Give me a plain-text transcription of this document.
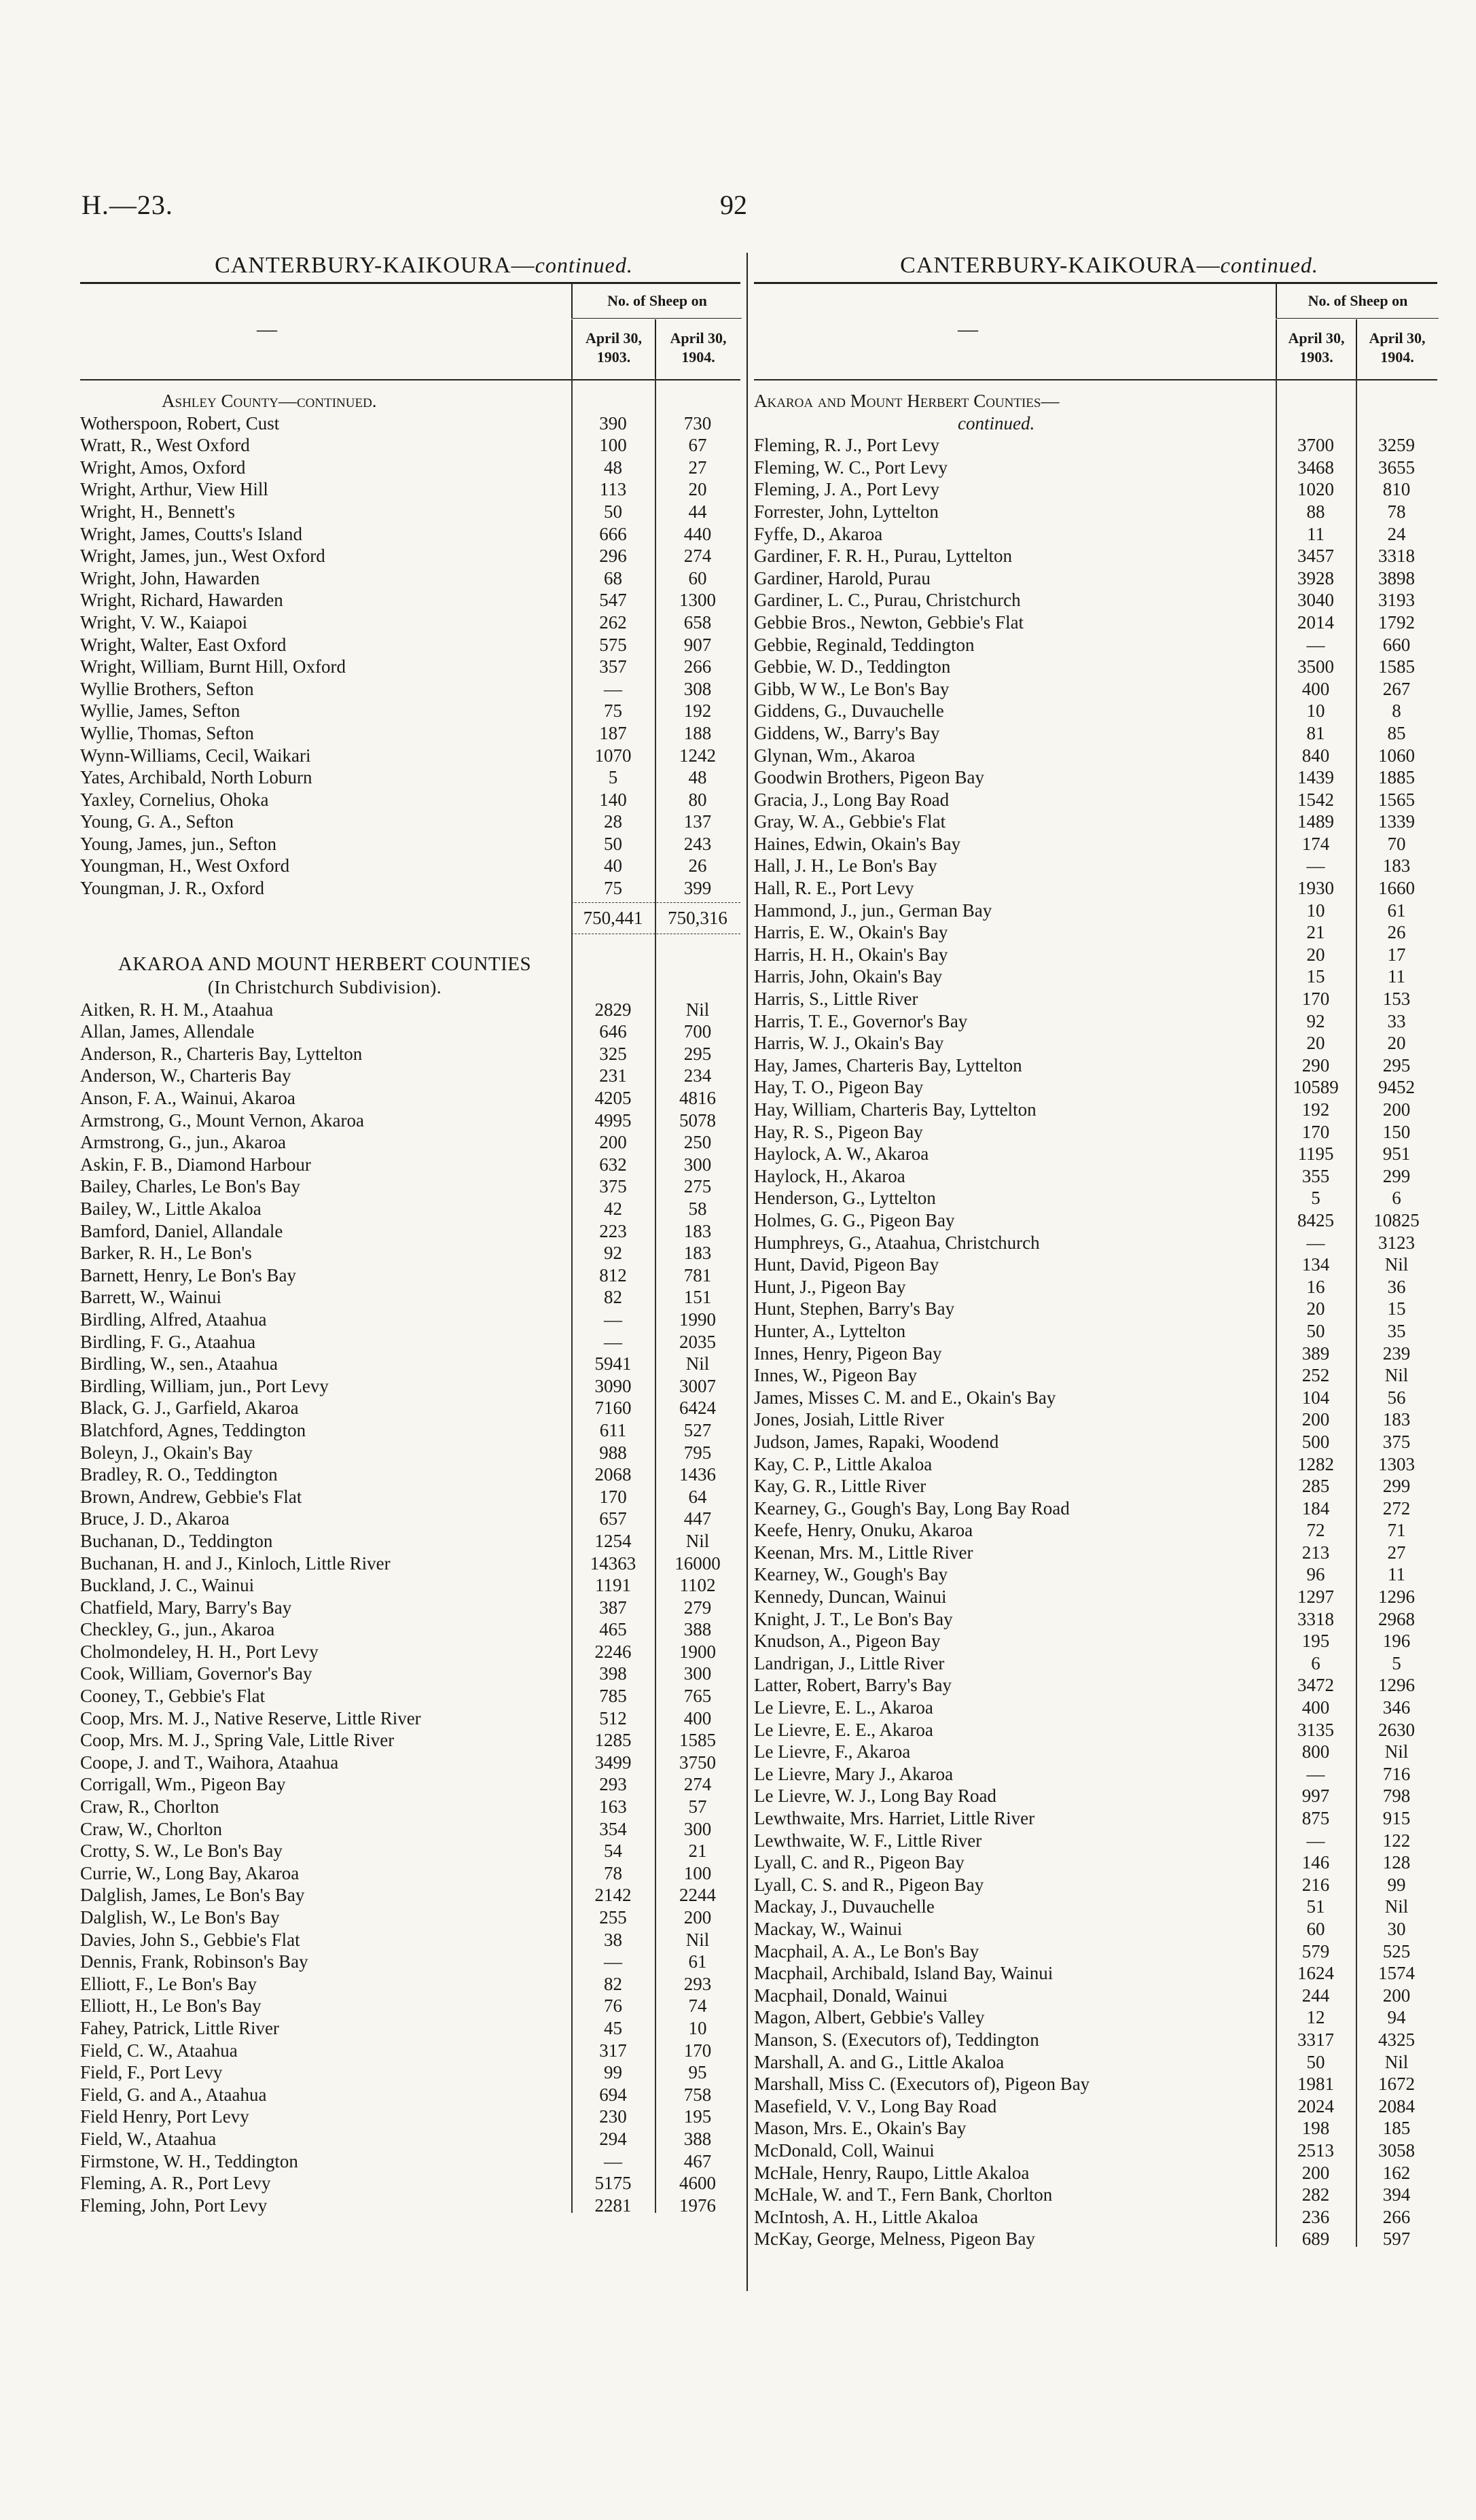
H.—23.	92
CANTERBURY-KAIKOURA—continued.
—
No. of Sheep on
April 30, 1903.
April 30, 1904.
Ashley County—continued.
Wotherspoon, Robert, Cust	390	730
Wratt, R., West Oxford	100	67
Wright, Amos, Oxford	48	27
Wright, Arthur, View Hill	113	20
Wright, H., Bennett's	50	44
Wright, James, Coutts's Island	666	440
Wright, James, jun., West Oxford	296	274
Wright, John, Hawarden	68	60
Wright, Richard, Hawarden	547	1300
Wright, V. W., Kaiapoi	262	658
Wright, Walter, East Oxford	575	907
Wright, William, Burnt Hill, Oxford	357	266
Wyllie Brothers, Sefton	—	308
Wyllie, James, Sefton	75	192
Wyllie, Thomas, Sefton	187	188
Wynn-Williams, Cecil, Waikari	1070	1242
Yates, Archibald, North Loburn	5	48
Yaxley, Cornelius, Ohoka	140	80
Young, G. A., Sefton	28	137
Young, James, jun., Sefton	50	243
Youngman, H., West Oxford	40	26
Youngman, J. R., Oxford	75	399
750,441	750,316
AKAROA AND MOUNT HERBERT COUNTIES
(In Christchurch Subdivision).
Aitken, R. H. M., Ataahua	2829	Nil
Allan, James, Allendale	646	700
Anderson, R., Charteris Bay, Lyttelton	325	295
Anderson, W., Charteris Bay	231	234
Anson, F. A., Wainui, Akaroa	4205	4816
Armstrong, G., Mount Vernon, Akaroa	4995	5078
Armstrong, G., jun., Akaroa	200	250
Askin, F. B., Diamond Harbour	632	300
Bailey, Charles, Le Bon's Bay	375	275
Bailey, W., Little Akaloa	42	58
Bamford, Daniel, Allandale	223	183
Barker, R. H., Le Bon's	92	183
Barnett, Henry, Le Bon's Bay	812	781
Barrett, W., Wainui	82	151
Birdling, Alfred, Ataahua	—	1990
Birdling, F. G., Ataahua	—	2035
Birdling, W., sen., Ataahua	5941	Nil
Birdling, William, jun., Port Levy	3090	3007
Black, G. J., Garfield, Akaroa	7160	6424
Blatchford, Agnes, Teddington	611	527
Boleyn, J., Okain's Bay	988	795
Bradley, R. O., Teddington	2068	1436
Brown, Andrew, Gebbie's Flat	170	64
Bruce, J. D., Akaroa	657	447
Buchanan, D., Teddington	1254	Nil
Buchanan, H. and J., Kinloch, Little River	14363	16000
Buckland, J. C., Wainui	1191	1102
Chatfield, Mary, Barry's Bay	387	279
Checkley, G., jun., Akaroa	465	388
Cholmondeley, H. H., Port Levy	2246	1900
Cook, William, Governor's Bay	398	300
Cooney, T., Gebbie's Flat	785	765
Coop, Mrs. M. J., Native Reserve, Little River	512	400
Coop, Mrs. M. J., Spring Vale, Little River	1285	1585
Coope, J. and T., Waihora, Ataahua	3499	3750
Corrigall, Wm., Pigeon Bay	293	274
Craw, R., Chorlton	163	57
Craw, W., Chorlton	354	300
Crotty, S. W., Le Bon's Bay	54	21
Currie, W., Long Bay, Akaroa	78	100
Dalglish, James, Le Bon's Bay	2142	2244
Dalglish, W., Le Bon's Bay	255	200
Davies, John S., Gebbie's Flat	38	Nil
Dennis, Frank, Robinson's Bay	—	61
Elliott, F., Le Bon's Bay	82	293
Elliott, H., Le Bon's Bay	76	74
Fahey, Patrick, Little River	45	10
Field, C. W., Ataahua	317	170
Field, F., Port Levy	99	95
Field, G. and A., Ataahua	694	758
Field Henry, Port Levy	230	195
Field, W., Ataahua	294	388
Firmstone, W. H., Teddington	—	467
Fleming, A. R., Port Levy	5175	4600
Fleming, John, Port Levy	2281	1976
CANTERBURY-KAIKOURA—continued.
—
No. of Sheep on
April 30, 1903.
April 30, 1904.
Akaroa and Mount Herbert Counties—
continued.
Fleming, R. J., Port Levy	3700	3259
Fleming, W. C., Port Levy	3468	3655
Fleming, J. A., Port Levy	1020	810
Forrester, John, Lyttelton	88	78
Fyffe, D., Akaroa	11	24
Gardiner, F. R. H., Purau, Lyttelton	3457	3318
Gardiner, Harold, Purau	3928	3898
Gardiner, L. C., Purau, Christchurch	3040	3193
Gebbie Bros., Newton, Gebbie's Flat	2014	1792
Gebbie, Reginald, Teddington	—	660
Gebbie, W. D., Teddington	3500	1585
Gibb, W W., Le Bon's Bay	400	267
Giddens, G., Duvauchelle	10	8
Giddens, W., Barry's Bay	81	85
Glynan, Wm., Akaroa	840	1060
Goodwin Brothers, Pigeon Bay	1439	1885
Gracia, J., Long Bay Road	1542	1565
Gray, W. A., Gebbie's Flat	1489	1339
Haines, Edwin, Okain's Bay	174	70
Hall, J. H., Le Bon's Bay	—	183
Hall, R. E., Port Levy	1930	1660
Hammond, J., jun., German Bay	10	61
Harris, E. W., Okain's Bay	21	26
Harris, H. H., Okain's Bay	20	17
Harris, John, Okain's Bay	15	11
Harris, S., Little River	170	153
Harris, T. E., Governor's Bay	92	33
Harris, W. J., Okain's Bay	20	20
Hay, James, Charteris Bay, Lyttelton	290	295
Hay, T. O., Pigeon Bay	10589	9452
Hay, William, Charteris Bay, Lyttelton	192	200
Hay, R. S., Pigeon Bay	170	150
Haylock, A. W., Akaroa	1195	951
Haylock, H., Akaroa	355	299
Henderson, G., Lyttelton	5	6
Holmes, G. G., Pigeon Bay	8425	10825
Humphreys, G., Ataahua, Christchurch	—	3123
Hunt, David, Pigeon Bay	134	Nil
Hunt, J., Pigeon Bay	16	36
Hunt, Stephen, Barry's Bay	20	15
Hunter, A., Lyttelton	50	35
Innes, Henry, Pigeon Bay	389	239
Innes, W., Pigeon Bay	252	Nil
James, Misses C. M. and E., Okain's Bay	104	56
Jones, Josiah, Little River	200	183
Judson, James, Rapaki, Woodend	500	375
Kay, C. P., Little Akaloa	1282	1303
Kay, G. R., Little River	285	299
Kearney, G., Gough's Bay, Long Bay Road	184	272
Keefe, Henry, Onuku, Akaroa	72	71
Keenan, Mrs. M., Little River	213	27
Kearney, W., Gough's Bay	96	11
Kennedy, Duncan, Wainui	1297	1296
Knight, J. T., Le Bon's Bay	3318	2968
Knudson, A., Pigeon Bay	195	196
Landrigan, J., Little River	6	5
Latter, Robert, Barry's Bay	3472	1296
Le Lievre, E. L., Akaroa	400	346
Le Lievre, E. E., Akaroa	3135	2630
Le Lievre, F., Akaroa	800	Nil
Le Lievre, Mary J., Akaroa	—	716
Le Lievre, W. J., Long Bay Road	997	798
Lewthwaite, Mrs. Harriet, Little River	875	915
Lewthwaite, W. F., Little River	—	122
Lyall, C. and R., Pigeon Bay	146	128
Lyall, C. S. and R., Pigeon Bay	216	99
Mackay, J., Duvauchelle	51	Nil
Mackay, W., Wainui	60	30
Macphail, A. A., Le Bon's Bay	579	525
Macphail, Archibald, Island Bay, Wainui	1624	1574
Macphail, Donald, Wainui	244	200
Magon, Albert, Gebbie's Valley	12	94
Manson, S. (Executors of), Teddington	3317	4325
Marshall, A. and G., Little Akaloa	50	Nil
Marshall, Miss C. (Executors of), Pigeon Bay	1981	1672
Masefield, V. V., Long Bay Road	2024	2084
Mason, Mrs. E., Okain's Bay	198	185
McDonald, Coll, Wainui	2513	3058
McHale, Henry, Raupo, Little Akaloa	200	162
McHale, W. and T., Fern Bank, Chorlton	282	394
McIntosh, A. H., Little Akaloa	236	266
McKay, George, Melness, Pigeon Bay	689	597
